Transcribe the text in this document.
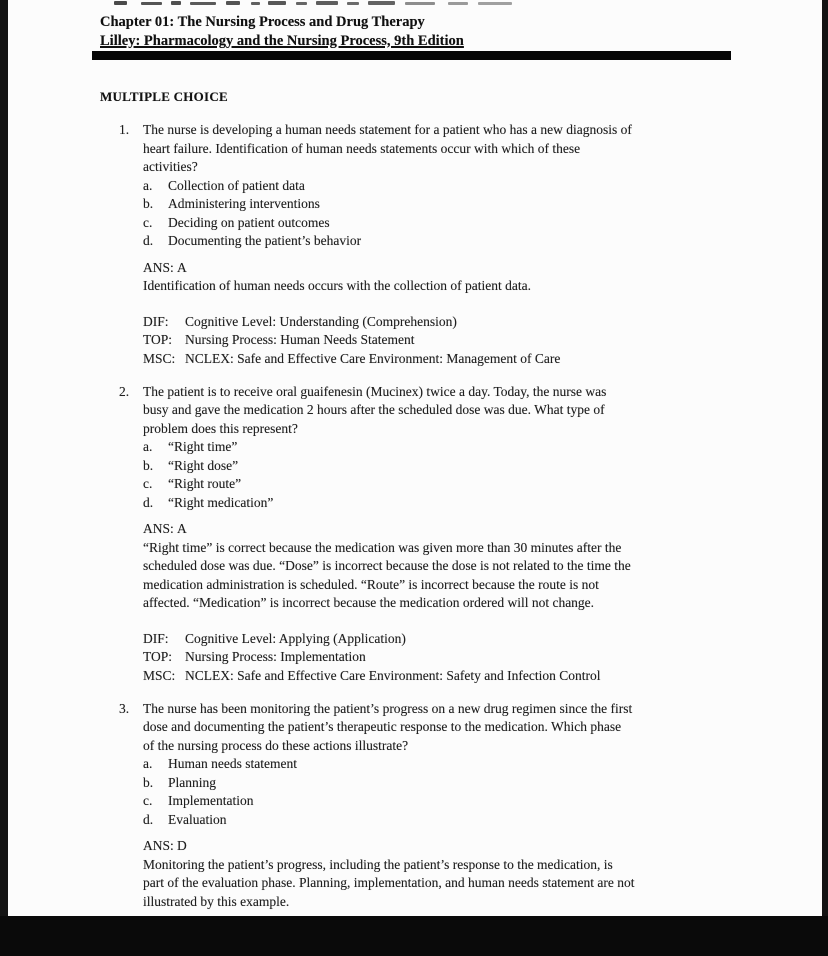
Chapter 01: The Nursing Process and Drug Therapy
Lilley: Pharmacology and the Nursing Process, 9th Edition
MULTIPLE CHOICE
1.	The nurse is developing a human needs statement for a patient who has a new diagnosis of
heart failure. Identification of human needs statements occur with which of these
activities?
a.	Collection of patient data
b.	Administering interventions
c.	Deciding on patient outcomes
d.	Documenting the patient’s behavior
ANS: A
Identification of human needs occurs with the collection of patient data.
DIF:	Cognitive Level: Understanding (Comprehension)
TOP: Nursing Process: Human Needs Statement
MSC: NCLEX: Safe and Effective Care Environment: Management of Care
2.	The patient is to receive oral guaifenesin (Mucinex) twice a day. Today, the nurse was
busy and gave the medication 2 hours after the scheduled dose was due. What type of
problem does this represent?
a.	“Right time”
b.	“Right dose”
c.	“Right route”
d.	“Right medication”
ANS: A
“Right time” is correct because the medication was given more than 30 minutes after the
scheduled dose was due. “Dose” is incorrect because the dose is not related to the time the
medication administration is scheduled. “Route” is incorrect because the route is not
affected. “Medication” is incorrect because the medication ordered will not change.
DIF:	Cognitive Level: Applying (Application)
TOP: Nursing Process: Implementation
MSC: NCLEX: Safe and Effective Care Environment: Safety and Infection Control
3.	The nurse has been monitoring the patient’s progress on a new drug regimen since the first
dose and documenting the patient’s therapeutic response to the medication. Which phase
of the nursing process do these actions illustrate?
a.	Human needs statement
b.	Planning
c.	Implementation
d.	Evaluation
ANS: D
Monitoring the patient’s progress, including the patient’s response to the medication, is
part of the evaluation phase. Planning, implementation, and human needs statement are not
illustrated by this example.
